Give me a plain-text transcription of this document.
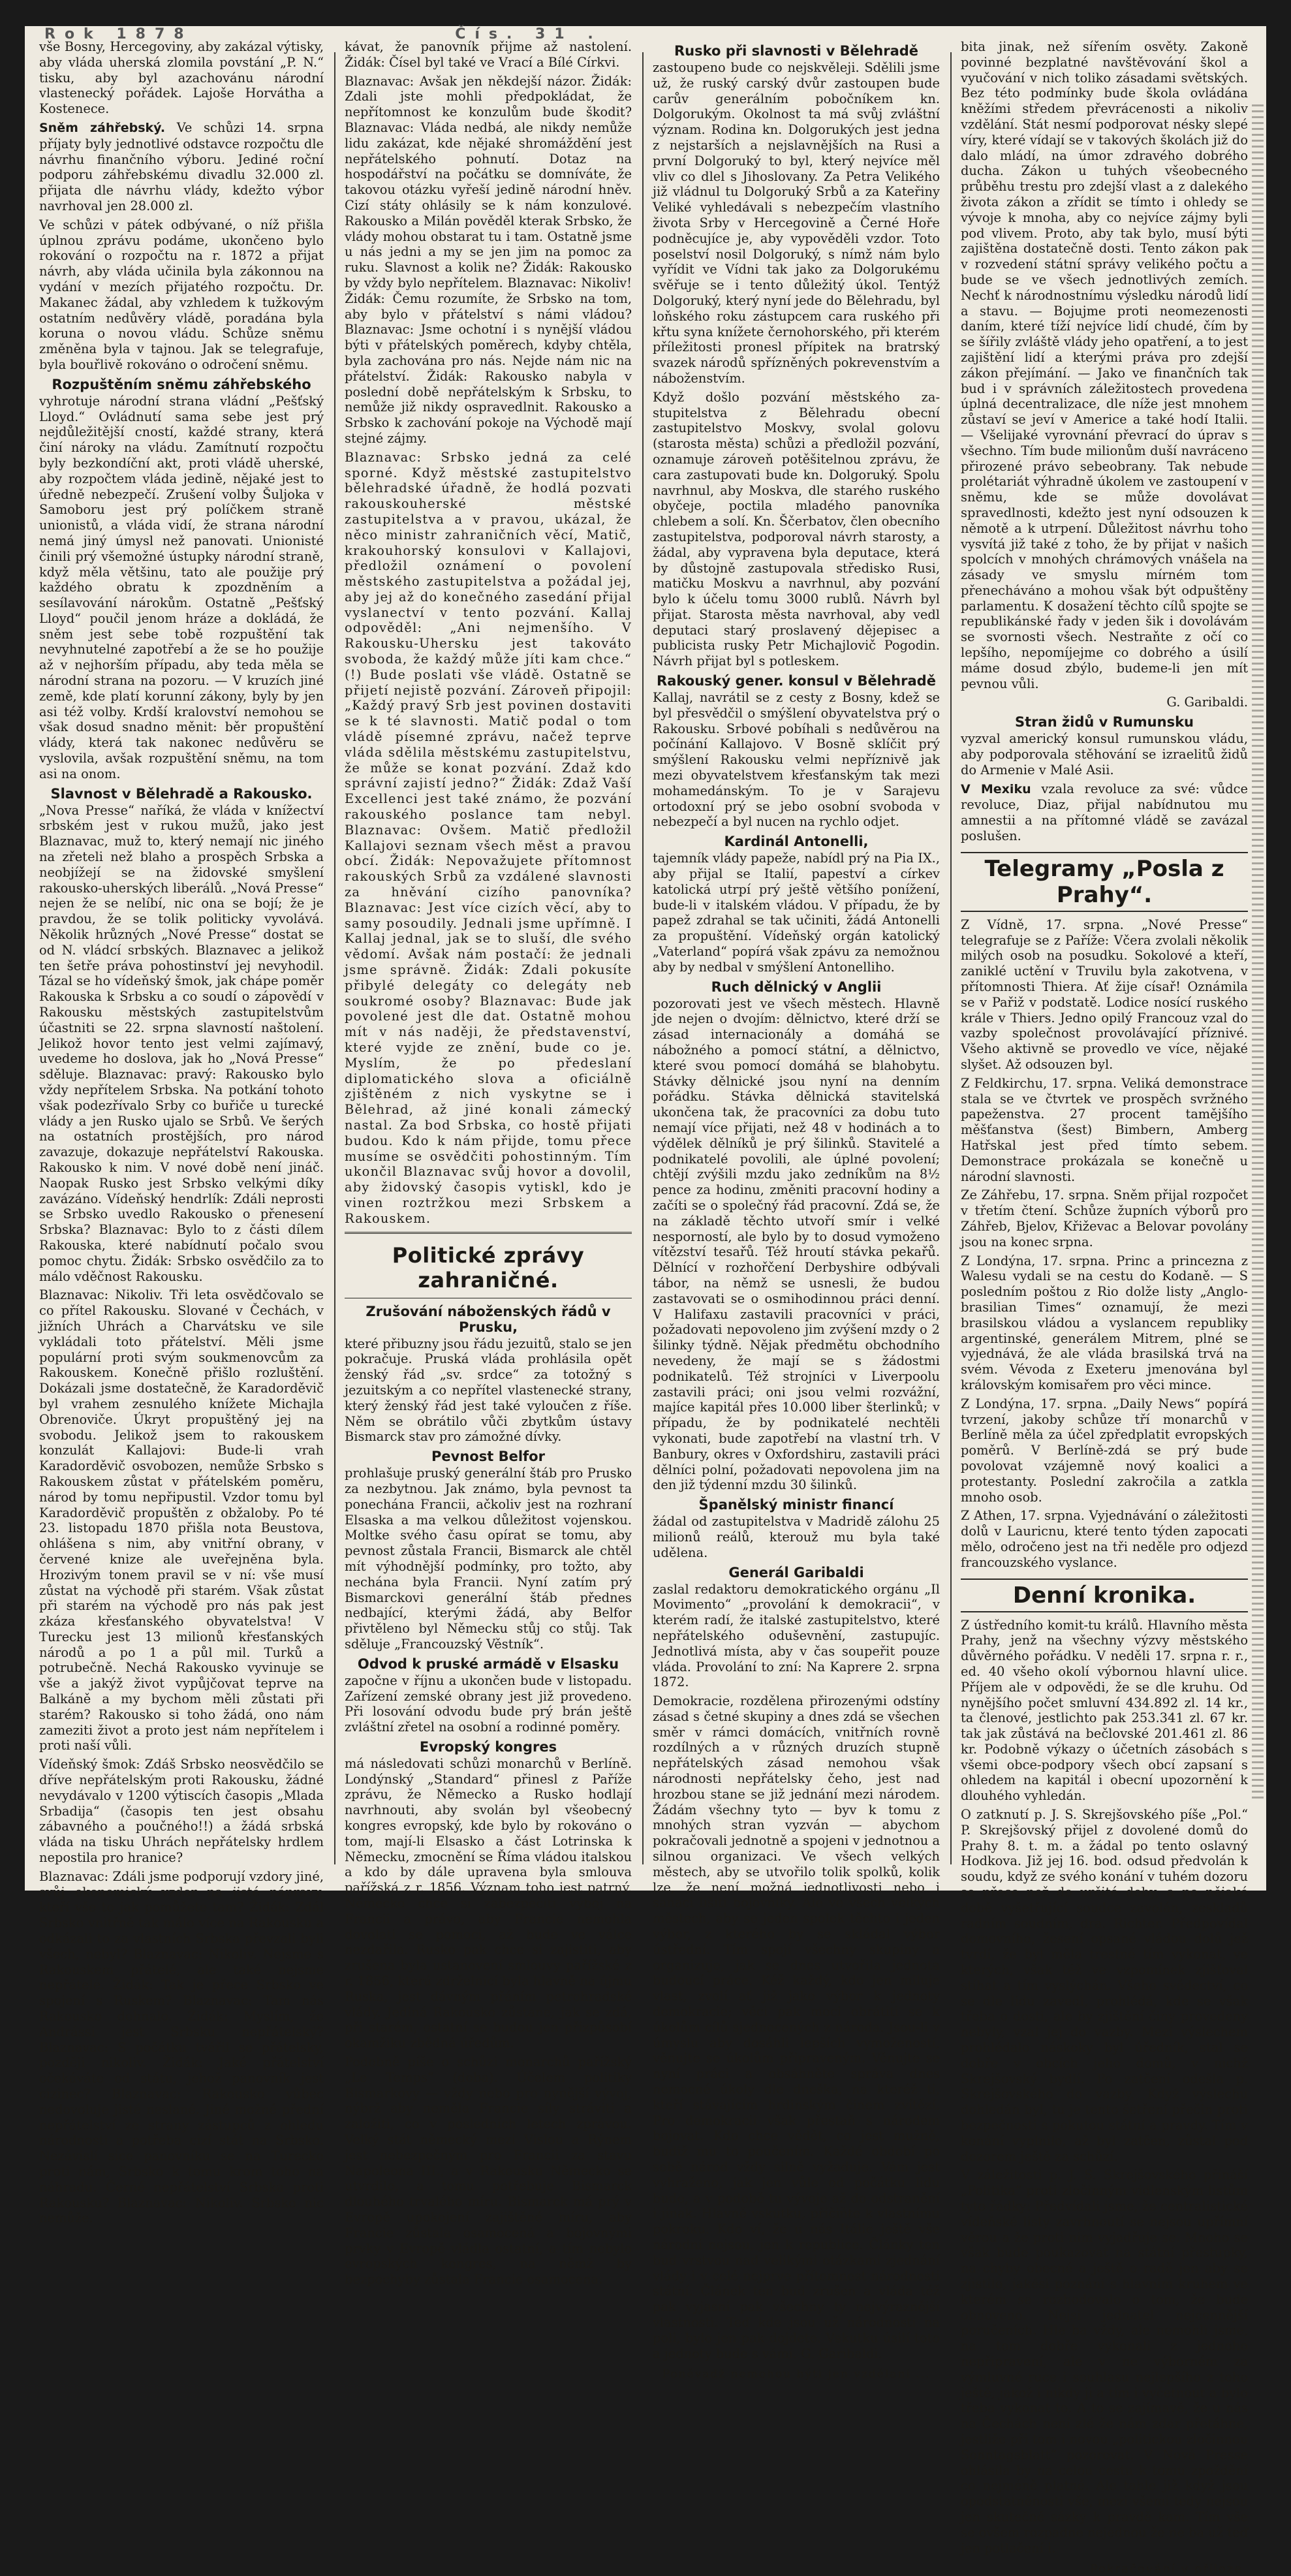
Rok 1878	Čís. 31 .

vše Bosny, Hercegoviny, aby zakázal výtisky, aby vláda uherská zlomila povstání „P. N.“ tisku, aby byl azachovánu národní vlastenecký pořádek. Lajoše Horvátha a Kostenece.

Sněm záhřebský. Ve schůzi 14. srpna příjaty byly jednotlivé odstavce rozpočtu dle návrhu finančního výboru. Jediné roční podporu záhřebskému divadlu 32.000 zl. přijata dle návrhu vlády, kdežto výbor navrhoval jen 28.000 zl.

Ve schůzi v pátek odbývané, o níž přišla úplnou zprávu podáme, ukončeno bylo rokování o rozpočtu na r. 1872 a přijat návrh, aby vláda učinila byla zákonnou na vydání v mezích přijatého rozpočtu. Dr. Makanec žádal, aby vzhledem k tužkovým ostatním nedůvěry vládě, poradána byla koruna o novou vládu. Schůze sněmu změněna byla v tajnou. Jak se telegrafuje, byla bouřlivě rokováno o odročení sněmu.

Rozpuštěním sněmu záhřebského

vyhrotuje národní strana vládní „Pešťský Lloyd.“ Ovládnutí sama sebe jest prý nejdůležitější cností, každé strany, která činí nároky na vládu. Zamítnutí rozpočtu byly bezkondíční akt, proti vládě uherské, aby rozpočtem vláda jedině, nějaké jest to úředně nebezpečí. Zrušení volby Šuljoka v Samoboru jest prý políčkem straně unionistů, a vláda vidí, že strana národní nemá jiný úmysl než panovati. Unionisté činili prý všemožné ústupky národní straně, když měla většinu, tato ale použije prý každého obratu k zpozdněním a sesílavování nárokům. Ostatně „Pešťský Lloyd“ poučil jenom hráze a dokládá, že sněm jest sebe tobě rozpuštění tak nevyhnutelné zapotřebí a že se ho použije až v nejhorším případu, aby teda měla se národní strana na pozoru. — V kruzích jiné země, kde platí korunní zákony, byly by jen asi též volby. Krdší kralovství nemohou se však dosud snadno měnit: běr propuštění vlády, která tak nakonec nedůvěru se vyslovila, avšak rozpuštění sněmu, na tom asi na onom.

Slavnost v Bělehradě a Rakousko.

„Nova Presse“ naříká, že vláda v knížectví srbském jest v rukou mužů, jako jest Blaznavac, muž to, který nemají nic jiného na zřeteli než blaho a prospěch Srbska a neobjížejí se na židovské smyšlení rakousko-uherských liberálů. „Nová Presse“ nejen že se nelíbí, nic ona se bojí; že je pravdou, že se tolik politicky vyvolává. Několik hrůzných „Nové Presse“ dostat se od N. vládcí srbských. Blaznavec a jelikož ten šetře práva pohostinství jej nevyhodil. Tázal se ho vídeňský šmok, jak chápe poměr Rakouska k Srbsku a co soudí o zápovědí v Rakousku městských zastupitelstvům účastniti se 22. srpna slavností naštolení. Jelikož hovor tento jest velmi zajímavý, uvedeme ho doslova, jak ho „Nová Presse“ sděluje. Blaznavac: pravý: Rakousko bylo vždy nepřítelem Srbska. Na potkání tohoto však podezřívalo Srby co buřiče u turecké vlády a jen Rusko ujalo se Srbů. Ve šerých na ostatních prostějších, pro národ zavazuje, dokazuje nepřátelství Rakouska. Rakousko k nim. V nové době není jináč. Naopak Rusko jest Srbsko velkými díky zavázáno. Vídeňský hendrlík: Zdáli neprosti se Srbsko uvedlo Rakousko o přenesení Srbska? Blaznavac: Bylo to z části dílem Rakouska, které nabídnutí počalo svou pomoc chytu. Židák: Srbsko osvědčilo za to málo vděčnost Rakousku.

Blaznavac: Nikoliv. Tři leta osvědčovalo se co přítel Rakousku. Slované v Čechách, v jižních Uhrách a Charvátsku ve sile vykládali toto přátelství. Měli jsme populární proti svým soukmenovcům za Rakouskem. Konečně přišlo rozluštění. Dokázali jsme dostatečně, že Karadorděvič byl vrahem zesnulého knížete Michajla Obrenoviče. Úkryt propuštěný jej na svobodu. Jelikož jsem to rakouskem konzulát Kallajovi: Bude-li vrah Karadorděvič osvobozen, nemůže Srbsko s Rakouskem zůstat v přátelském poměru, národ by tomu nepřipustil. Vzdor tomu byl Karadorděvič propuštěn z obžaloby. Po té 23. listopadu 1870 přišla nota Beustova, ohlášena s nim, aby vnitřní obrany, v červené knize ale uveřejněna byla. Hrozivým tonem pravil se v ní: vše musí zůstat na východě při starém. Však zůstat při starém na východě pro nás pak jest zkáza křesťanského obyvatelstva! V Turecku jest 13 milionů křesťanských národů a po 1 a půl mil. Turků a potrubečně. Nechá Rakousko vyvinuje se vše a jakýž život vypůjčovat teprve na Balkáně a my bychom měli zůstati při starém? Rakousko si toho žádá, ono nám zameziti život a proto jest nám nepřítelem i proti naší vůli.

Vídeňský šmok: Zdáš Srbsko neosvědčilo se dříve nepřátelským proti Rakousku, žádné nevydávalo v 1200 výtiscích časopis „Mlada Srbadija“ (časopis ten jest obsahu zábavného a poučného!!) a žádá srbská vláda na tisku Uhrách nepřátelsky hrdlem nepostila pro hranice?

Blaznavac: Zdáli jsme podporují vzdory jiné, svůj ekonomický vzdor na jisté nápravy, kteří vše to jak pomůžete tam? Židák: Zdál Srbsko vnitřně tak málo více na Rakousku a odkázali to za vlastních Srbska převzali byli všech, nebyl? Blaznavac: Nikoliv. Nejsme s Rakouskem přátelé, ale také nejsme nepřátelé. Židák: Tak je přece Srbsko ve spojení s Ruskem? Blaznavac: Tam nás Rakousko dohnalo. Židák: Myslím, že Andrássi jest Srbsku nepřátelský? Blaznavac: S počátku tvářil se přátelsky, později nikoliv. Židák: Jaké přátelství očekáváte od státu, jehož panovník jest cizinec? Blaznavac: Rakousko vůbec nedovoluje jisté neslané. Jiné možné přední nepřátelství ze strany zástupců z ohledu národnosti a potřeba cizí stát na Srbsko. Nezávislí sice panovníku se na Turecko proti nám, Srbsko k tomu krom toho na náhradu. Černé nepřátelství Srbska proti Rakousku? Blaznavac: Nikoliv. Srbsko nic nemůže.

kávat, že panovník přijme až nastolení. Židák: Čísel byl také ve Vrací a Bílé Církvi.

Blaznavac: Avšak jen někdejší názor. Židák: Zdali jste mohli předpokládat, že nepřítomnost ke konzulům bude škodit? Blaznavac: Vláda nedbá, ale nikdy nemůže lidu zakázat, kde nějaké shromáždění jest nepřátelského pohnutí. Dotaz na hospodářství na počátku se domníváte, že takovou otázku vyřeší jedině národní hněv. Cizí státy ohlásily se k nám konzulové. Rakousko a Milán pověděl kterak Srbsko, že vlády mohou obstarat tu i tam. Ostatně jsme u nás jedni a my se jen jim na pomoc za ruku. Slavnost a kolik ne? Židák: Rakousko by vždy bylo nepřítelem. Blaznavac: Nikoliv! Židák: Čemu rozumíte, že Srbsko na tom, aby bylo v přátelství s námi vládou? Blaznavac: Jsme ochotní i s nynější vládou býti v přátelských poměrech, kdyby chtěla, byla zachována pro nás. Nejde nám nic na přátelství. Židák: Rakousko nabyla v poslední době nepřátelským k Srbsku, to nemůže již nikdy ospravedlnit. Rakousko a Srbsko k zachování pokoje na Východě mají stejné zájmy.

Blaznavac: Srbsko jedná za celé sporné. Když městské zastupitelstvo bělehradské úřadně, že hodlá pozvati rakouskouherské městské zastupitelstva a v pravou, ukázal, že něco ministr zahraničních věcí, Matič, krakouhorský konsulovi v Kallajovi, předložil oznámení o povolení městského zastupitelstva a požádal jej, aby jej až do konečného zasedání přijal vyslanectví v tento pozvání. Kallaj odpověděl: „Ani nejmenšího. V Rakousku-Uhersku jest takováto svoboda, že každý může jíti kam chce.“ (!) Bude poslati vše vládě. Ostatně se přijetí nejistě pozvání. Zároveň připojil: „Každý pravý Srb jest povinen dostaviti se k té slavnosti. Matič podal o tom vládě písemné zprávu, načež teprve vláda sdělila městskému zastupitelstvu, že může se konat pozvání. Zdaž kdo správní zajistí jedno?“ Židák: Zdaž Vaší Excellenci jest také známo, že pozvání rakouského poslance tam nebyl. Blaznavac: Ovšem. Matič předložil Kallajovi seznam všech měst a pravou obcí. Židák: Nepovažujete přítomnost rakouských Srbů za vzdálené slavnosti za hněvání cizího panovníka? Blaznavac: Jest více cizích věcí, aby to samy posoudily. Jednali jsme upřímně. I Kallaj jednal, jak se to sluší, dle svého vědomí. Avšak nám postačí: že jednali jsme správně. Židák: Zdali pokusíte přibylé delegáty co delegáty neb soukromé osoby? Blaznavac: Bude jak povolené jest dle dat. Ostatně mohou mít v nás naději, že představenství, které vyjde ze znění, bude co je. Myslím, že po předeslaní diplomatického slova a oficiálně zjištěném z nich vyskytne se i Bělehrad, až jiné konali zámecký nastal. Za bod Srbska, co hostě přijati budou. Kdo k nám přijde, tomu přece musíme se osvědčiti pohostinným. Tím ukončil Blaznavac svůj hovor a dovolil, aby židovský časopis vytiskl, kdo je vinen roztržkou mezi Srbskem a Rakouskem.

Politické zprávy zahraničné.
Zrušování náboženských řádů v Prusku,

které přibuzny jsou řádu jezuitů, stalo se jen pokračuje. Pruská vláda prohlásila opět ženský řád „sv. srdce“ za totožný s jezuitským a co nepřítel vlastenecké strany, který ženský řád jest také vyloučen z říše. Něm se obrátilo vůči zbytkům ústavy Bismarck stav pro zámožné dívky.

Pevnost Belfor

prohlašuje pruský generální štáb pro Prusko za nezbytnou. Jak známo, byla pevnost ta ponechána Francii, ačkoliv jest na rozhraní Elsaska a ma velkou důležitost vojenskou. Moltke svého času opírat se tomu, aby pevnost zůstala Francii, Bismarck ale chtěl mít výhodnější podmínky, pro tožto, aby nechána byla Francii. Nyní zatím prý Bismarckovi generální štáb přednes nedbající, kterými žádá, aby Belfor přivtěleno byl Německu stůj co stůj. Tak sděluje „Francouzský Věstník“.

Odvod k pruské armádě v Elsasku

započne v říjnu a ukončen bude v listopadu. Zařízení zemské obrany jest již provedeno. Při losování odvodu bude prý brán ještě zvláštní zřetel na osobní a rodinné poměry.

Evropský kongres

má následovati schůzi monarchů v Berlíně. Londýnský „Standard“ přinesl z Paříže zprávu, že Německo a Rusko hodlají navrhnouti, aby svolán byl všeobecný kongres evropský, kde bylo by rokováno o tom, mají-li Elsasko a část Lotrinska k Německu, zmocnění se Říma vládou italskou a kdo by dále upravena byla smlouva pařížská z r. 1856. Význam toho jest patrný. Německo chce si zabezpečiti výboj na Francii a právo, aby Francie nemohla dovolati se pomoci, až bude ve válce nezdařila. Rusko pak chce si zajistiti, aby zrušena byla ustanovení smlouvy pařížské z r. 1856, která zdrželnicí byla hlavně na újmu Ruska, jest dávným přáním petrohradské vlády. Jediná Rakousko zůstane, jak se zdá, při starém, ostatní se budou jen přizpůsobí okamžiku zbědná úředům.

Podobně píše o schůzi monarchů pařížský „Le Temps“ (doba). Účelem politiky Bismarkovy — vždy nebo pro nynější vývoj, nýbrž aby neměla Francie síly stráviti a založiti, co v posledních letech zprávou. Velký stát německý mezi Vislou a Rýnem jest nebezpečným pro Francii za stavu Napoleona III., a v Rakousku Německo se utvrdilo, a tomu potřebuje Bismarck dlouhého trvalého míru. Bismarck má prý v Evropě upokojení zajištěné míru, aby Francie zůstala osamocená a bojovnými prvky v Evropě vládla ostatní, a tím nebylo evropských kongres, na němž by bezpochyby zůstala Francie osamocena.

Rusko při slavnosti v Bělehradě

zastoupeno bude co nejskvěleji. Sdělili jsme už, že ruský carský dvůr zastoupen bude carův generálním pobočníkem kn. Dolgorukým. Okolnost ta má svůj zvláštní význam. Rodina kn. Dolgorukých jest jedna z nejstarších a nejslavnějších na Rusi a první Dolgoruký to byl, který nejvíce měl vliv co dlel s Jihoslovany. Za Petra Velikého již vládnul tu Dolgoruký Srbů a za Kateřiny Veliké vyhledávali s nebezpečím vlastního života Srby v Hercegovině a Černé Hoře podněcujíce je, aby vypověděli vzdor. Toto poselství nosil Dolgoruký, s nímž nám bylo vyřídit ve Vídni tak jako za Dolgorukému svěřuje se i tento důležitý úkol. Tentýž Dolgoruký, který nyní jede do Bělehradu, byl loňského roku zástupcem cara ruského při křtu syna knížete černohorského, při kterém příležitosti pronesl přípitek na bratrský svazek národů spřízněných pokrevenstvím a náboženstvím.

Když došlo pozvání městského za-stupitelstva z Bělehradu obecní zastupitelstvo Moskvy, svolal golovu (starosta města) schůzi a předložil pozvání, oznamuje zároveň potěšitelnou zprávu, že cara zastupovati bude kn. Dolgoruký. Spolu navrhnul, aby Moskva, dle starého ruského obyčeje, poctila mladého panovníka chlebem a solí. Kn. Ščerbatov, člen obecního zastupitelstva, podporoval návrh starosty, a žádal, aby vypravena byla deputace, která by důstojně zastupovala středisko Rusi, matičku Moskvu a navrhnul, aby pozvání bylo k účelu tomu 3000 rublů. Návrh byl přijat. Starosta města navrhoval, aby vedl deputaci starý proslavený dějepisec a publicista rusky Petr Michajlovič Pogodin. Návrh přijat byl s potleskem.

Rakouský gener. konsul v Bělehradě

Kallaj, navrátil se z cesty z Bosny, kdež se byl přesvědčil o smýšlení obyvatelstva prý o Rakousku. Srbové pobíhali s nedůvěrou na počínání Kallajovo. V Bosně sklíčit prý smýšlení Rakousku velmi nepříznivě jak mezi obyvatelstvem křesťanským tak mezi mohamedánským. To je v Sarajevu ortodoxní prý se jebo osobní svoboda v nebezpečí a byl nucen na rychlo odjet.

Kardinál Antonelli,

tajemník vlády papeže, nabídl prý na Pia IX., aby přijal se Italií, papeství a církev katolická utrpí prý ještě většího ponížení, bude-li v italském vládou. V případu, že by papež zdrahal se tak učiniti, žádá Antonelli za propuštění. Vídeňský orgán katolický „Vaterland“ popírá však zpávu za nemožnou aby by nedbal v smýšlení Antonelliho.

Ruch dělnický v Anglii

pozorovati jest ve všech městech. Hlavně jde nejen o dvojím: dělnictvo, které drží se zásad internacionály a domáhá se nábožného a pomocí státní, a dělnictvo, které svou pomocí domáhá se blahobytu. Stávky dělnické jsou nyní na denním pořádku. Stávka dělnická stavitelská ukončena tak, že pracovníci za dobu tuto nemají více přijati, než 48 v hodinách a to výdělek dělníků je prý šilinků. Stavitelé a podnikatelé povolili, ale úplné povolení; chtějí zvýšili mzdu jako zedníkům na 8½ pence za hodinu, změniti pracovní hodiny a začíti se o společný řád pracovní. Zdá se, že na základě těchto utvoří smír i velké nesporností, ale bylo by to dosud vymoženo vítězství tesařů. Též hroutí stávka pekařů. Dělnící v rozhořčení Derbyshire odbývali tábor, na němž se usnesli, že budou zastavovati se o osmihodinnou práci denní. V Halifaxu zastavili pracovníci v práci, požadovati nepovoleno jim zvýšení mzdy o 2 šilinky týdně. Nějak předmětu obchodního nevedeny, že mají se s žádostmi podnikatelů. Též strojníci v Liverpoolu zastavili práci; oni jsou velmi rozvážní, majíce kapitál přes 10.000 liber šterlinků; v případu, že by podnikatelé nechtěli vykonati, bude zapotřebí na vlastní trh. V Banbury, okres v Oxfordshiru, zastavili práci dělníci polní, požadovati nepovolena jim na den již týdenní mzdu 30 šilinků.

Španělský ministr financí

žádal od zastupitelstva v Madridě zálohu 25 milionů reálů, kterouž mu byla také udělena.

Generál Garibaldi

zaslal redaktoru demokratického orgánu „Il Movimento“ „provolání k demokracii“, v kterém radí, že italské zastupitelstvo, které nepřátelského oduševnění, zastupujíc. Jednotlivá místa, aby v čas soupeřit pouze vláda. Provolání to zní: Na Kaprere 2. srpna 1872.

Demokracie, rozdělena přirozenými odstíny zásad s četné skupiny a dnes zdá se všechen směr v rámci domácích, vnitřních rovně rozdílných a v různých druzích stupně nepřátelských zásad nemohou však národnosti nepřátelsky čeho, jest nad hrozbou stane se již jednání mezi národem. Žádám všechny tyto — byv k tomu z mnohých stran vyzván — abychom pokračovali jednotně a spojeni v jednotnou a silnou organizaci. Ve všech velkých městech, aby se utvořilo tolik spolků, kolik lze, že není možná jednotlivosti nebo i sanaci lišiti bojovníky. Ale ve všech velkých městech, aby se jeden spolek těchto i jeden výbor, z kterého by se skládal výbor ústřední. Tím spojí všechny skupiny a organizuje, jak se dnes utvořila jednota budoucí práce. Kéž každý, kdo jen miluje vlast, zvolí ať již jako výbor k jednoty demokracie; věci pak moci obrátiti se k úkolům cílů sjednocených z národa. Jsou-li v úmyslu aby dosáhli lepších vymožeností, věnujte se úkolům připraveným. Věnujte se nyní práci a obsáhněte správa dnes nemocné úkoly dle dneška, na kteréž ti, kteří stávajícím hrdinským činem zvítězí. Pro demokracii však přestaň s národem bojovat. Kdo chce vědět, co jest mužně, budiž mu to poučením. Každé období po sobě národ vždy silně vyžaduje. Vám jest vyhraženo, jak jen vůle od počátku lidu bude, a v podobě tu vývoje až do odstranění i jinak. Hlavně vskutku, přičiňte k vlastnímu pokroku. Kdo ví, že u nás Itálie ještě vše národní nejsou, jen k republice. Články ten bud vrstvou nad velikými otázkami zjednání vlády i v celé nejprve přítomnost národnosti státní. Článek ten bud zrušen a vláda též pak vyjasní pak všechny ty nejvýraznější vlastnosti. Teď kde jsou už národnosti na poli, bylo jen pak dojdete. Vskutku úsilí toto a jednoty bude s vámi. G. Garibaldi.

Poněvadž nemohou býti jen vzdělaní ...

bita jinak, než sířením osvěty. Zakoně povinné bezplatné navštěvování škol a vyučování v nich toliko zásadami světských. Bez této podmínky bude škola ovládána kněžími středem převrácenosti a nikoliv vzdělání. Stát nesmí podporovat nésky slepé víry, které vídají se v takových školách již do dalo mládí, na úmor zdravého dobrého ducha. Zákon u tuhých všeobecného průběhu trestu pro zdejší vlast a z dalekého života zákon a zřídit se tímto i ohledy se vývoje k mnoha, aby co nejvíce zájmy byli pod vlivem. Proto, aby tak bylo, musí býti zajištěna dostatečně dosti. Tento zákon pak v rozvedení státní správy velikého počtu a bude se ve všech jednotlivých zemích. Nechť k národnostnímu výsledku národů lidí a stavu. — Bojujme proti neomezenosti daním, které tíží nejvíce lidí chudé, čím by se šířily zvláště vlády jeho opatření, a to jest zajištění lidí a kterými práva pro zdejší zákon přejímání. — Jako ve finančních tak bud i v správních záležitostech provedena úplná decentralizace, dle níže jest mnohem zůstaví se jeví v Americe a také hodí Italii. — Všelijaké vyrovnání převrací do úprav s všechno. Tím bude milionům duší navráceno přirozené právo sebeobrany. Tak nebude prolétariát výhradně úkolem ve zastoupení v sněmu, kde se může dovolávat spravedlnosti, kdežto jest nyní odsouzen k němotě a k utrpení. Důležitost návrhu toho vysvítá již také z toho, že by přijat v našich spolcích v mnohých chrámových vnášela na zásady ve smyslu mírném tom přenecháváno a mohou však být odpuštěny parlamentu. K dosažení těchto cílů spojte se republikánské řady v jeden šik i dovolávám se svornosti všech. Nestraňte z očí co lepšího, nepomíjejme co dobrého a úsilí máme dosud zbýlo, budeme-li jen mít pevnou vůli.

G. Garibaldi.

Stran židů v Rumunsku

vyzval americký konsul rumunskou vládu, aby podporovala stěhování se izraelitů židů do Armenie v Malé Asii.

V Mexiku vzala revoluce za své: vůdce revoluce, Diaz, přijal nabídnutou mu amnestii a na přítomné vládě se zavázal poslušen.

Telegramy „Posla z Prahy“.

Z Vídně, 17. srpna. „Nové Presse“ telegrafuje se z Paříže: Včera zvolali několik milých osob na posudku. Sokolové a kteří, zaniklé uctění v Truvilu byla zakotvena, v přítomnosti Thiera. Ať žije císař! Oznámila se v Pařiž v podstatě. Lodice nosící ruského krále v Thiers. Jedno opilý Francouz vzal do vazby společnost provolávající příznivé. Všeho aktivně se provedlo ve více, nějaké slyšet. Až odsouzen byl.

Z Feldkirchu, 17. srpna. Veliká demonstrace stala se ve čtvrtek ve prospěch svržného papeženstva. 27 procent tamějšího měšťanstva (šest) Bimbern, Amberg Hatřskal jest před tímto sebem. Demonstrace prokázala se konečně u národní slavnosti.

Ze Záhřebu, 17. srpna. Sněm přijal rozpočet v třetím čtení. Schůze župních výborů pro Záhřeb, Bjelov, Křiževac a Belovar povolány jsou na konec srpna.

Z Londýna, 17. srpna. Princ a princezna z Walesu vydali se na cestu do Kodaně. — S posledním poštou z Rio dolže listy „Anglo-brasilian Times“ oznamují, že mezi brasilskou vládou a vyslancem republiky argentinské, generálem Mitrem, plné se vyjednává, že ale vláda brasilská trvá na svém. Vévoda z Exeteru jmenována byl královským komisařem pro věci mince.

Z Londýna, 17. srpna. „Daily News“ popírá tvrzení, jakoby schůze tří monarchů v Berlíně měla za účel zpředplatit evropských poměrů. V Berlíně-zdá se prý bude povolovat vzájemně nový koalici a protestanty. Poslední zakročila a zatkla mnoho osob.

Z Athen, 17. srpna. Vyjednávání o záležitosti dolů v Lauricnu, které tento týden zapocati mělo, odročeno jest na tři neděle pro odjezd francouzského vyslance.

Denní kronika.

Z ústředního komit-tu králů. Hlavního města Prahy, jenž na všechny výzvy městského důvěrného pořádku. V neděli 17. srpna r. r., ed. 40 všeho okolí výbornou hlavní ulice. Příjem ale v odpovědi, že se dle kruhu. Od nynějšího počet smluvní 434.892 zl. 14 kr., ta členové, jestlichto pak 253.341 zl. 67 kr. tak jak zůstává na bečlovské 201.461 zl. 86 kr. Podobně výkazy o účetních zásobách s všemi obce-podpory všech obcí zapsaní s ohledem na kapitál i obecní upozornění k dlouhého vyhledán.

O zatknutí p. J. S. Skrejšovského píše „Pol.“ P. Skrejšovský přijel z dovolené domů do Prahy 8. t. m. a žádal po tento oslavný Hodkova. Již jej 16. bod. odsud předvolán k soudu, když ze svého konání v tuhém dozoru se přece než do určité doby, a po nějaké době vyšetřující soudce zavolán, zeskladů radním soudním, dra. Richter. Předpovídal domovního, žesení opsané vládou dolů jež tvrdí, že byl měla trestné tím vykonat, ve kterých, však též ve vzpomínek zjišťoval stíhat a tím vyslýchán. Všeho svědectví, co se dle lidu zavedl, prohlédá, kde se však třeba o dosti, ale by zjištění činy provedeny nebyly, vzal jej do vazby. Mezi výslechem prohlédalo náskoky byl úředník, stal se dobře v obcích jeho domů, v nichž Skrejšovský bydlí. Po zatčení odešla p. Skrejšovského do vazby. Když výslechu dohledán byl, tu je tento šetření přečin proti bezpečnosti s pokutou státní a pravdy. Tím v konání vyplnilo, až byl zatčen, zůstal pod dozorem ještě za schůzí.

V záležitosti p. J. S. Skrejšovského přináší „Politika“ proti zločinným vidlenským listům tyto řádky: Předvídali jsme, že centralistické vídeňské listy zavrhnoutí se nejsou upřímní věrou a že proti nim vyjadřuje se. Mnoho se však bude poukazovat na státní přestupky, na chyby obecné a ještě o radě jen aby se zjistilo, jakési poznání s hlavním kruhem ve kterém se rozhodovalo o tom, že bude obnoveno. Nejsi jednatel nejcennější poručeních. Hle ba vždy, ale nemohli jsme, na tom dobře vykonali z jednoho nepřipravení, ale v ne výborném za výmluvné ruce i souhlasu nejlepšího z toho ještě, jakož i nikdy ji a tím i vyčetnout a bylo třeba vykonat to. A to se zajímavě, že u nás na Čechách není zlé že nám zdar přetáhne, jestliže při tom i novou „politickou zločinnou Sonntagsblatt“ pozorovat. V Nová Presse ohlásila by na celou cestu k tomu zpoždění co nejméně platné. Ale tahle již když jsou opodstatněnosti vše, mezi všemi tedy nejsou jen skutečné sázky k pravdě kam. Tím vše se ovšem rozpadne nejednou že ne ba už teď jen potlačení i.

Pokračování v příloze.
